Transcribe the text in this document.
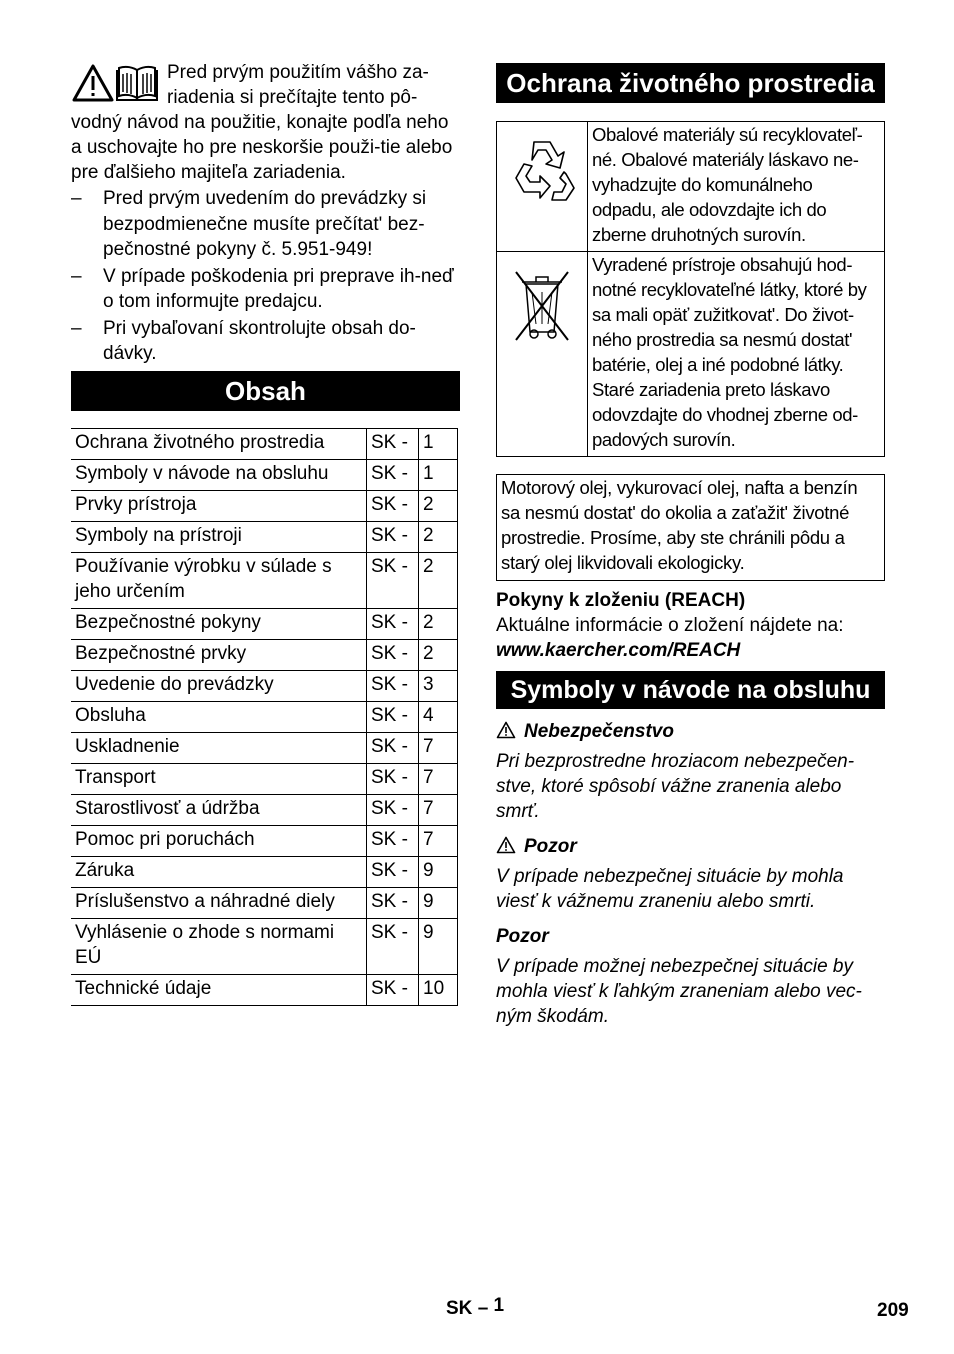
Pred prvým použitím vášho za-riadenia si prečítajte tento pô-vodný návod na použitie, konajte podľa neho a uschovajte ho pre neskoršie použi-tie alebo pre ďalšieho majiteľa zariadenia.

– Pred prvým uvedením do prevádzky si bezpodmienečne musíte prečítat' bez-pečnostné pokyny č. 5.951-949!
– V prípade poškodenia pri preprave ih-neď o tom informujte predajcu.
– Pri vybaľovaní skontrolujte obsah do-dávky.
Obsah
Ochrana životného prostredia	SK -	1
Symboly v návode na obsluhu	SK -	1
Prvky prístroja	SK -	2
Symboly na prístroji	SK -	2
Používanie výrobku v súlade s jeho určením	SK -	2
Bezpečnostné pokyny	SK -	2
Bezpečnostné prvky	SK -	2
Uvedenie do prevádzky	SK -	3
Obsluha	SK -	4
Uskladnenie	SK -	7
Transport	SK -	7
Starostlivosť a údržba	SK -	7
Pomoc pri poruchách	SK -	7
Záruka	SK -	9
Príslušenstvo a náhradné diely	SK -	9
Vyhlásenie o zhode s normami EÚ	SK -	9
Technické údaje	SK -	10
Ochrana životného prostredia
	Obalové materiály sú recyklovateľ-né. Obalové materiály láskavo ne-vyhadzujte do komunálneho odpadu, ale odovzdajte ich do zberne druhotných surovín.
	Vyradené prístroje obsahujú hod-notné recyklovateľné látky, ktoré by sa mali opäť zužitkovat'. Do život-ného prostredia sa nesmú dostat' batérie, olej a iné podobné látky. Staré zariadenia preto láskavo odovzdajte do vhodnej zberne od-padových surovín.
Motorový olej, vykurovací olej, nafta a benzín sa nesmú dostat' do okolia a zaťažit' životné prostredie. Prosíme, aby ste chránili pôdu a starý olej likvidovali ekologicky.
Pokyny k zloženiu (REACH)
Aktuálne informácie o zložení nájdete na:
www.kaercher.com/REACH
Symboly v návode na obsluhu
Nebezpečenstvo
Pri bezprostredne hroziacom nebezpečen-stve, ktoré spôsobí vážne zranenia alebo smrť.
Pozor
V prípade nebezpečnej situácie by mohla viesť k vážnemu zraneniu alebo smrti.
Pozor
V prípade možnej nebezpečnej situácie by mohla viesť k ľahkým zraneniam alebo vec-ným škodám.
SK – 1	209
